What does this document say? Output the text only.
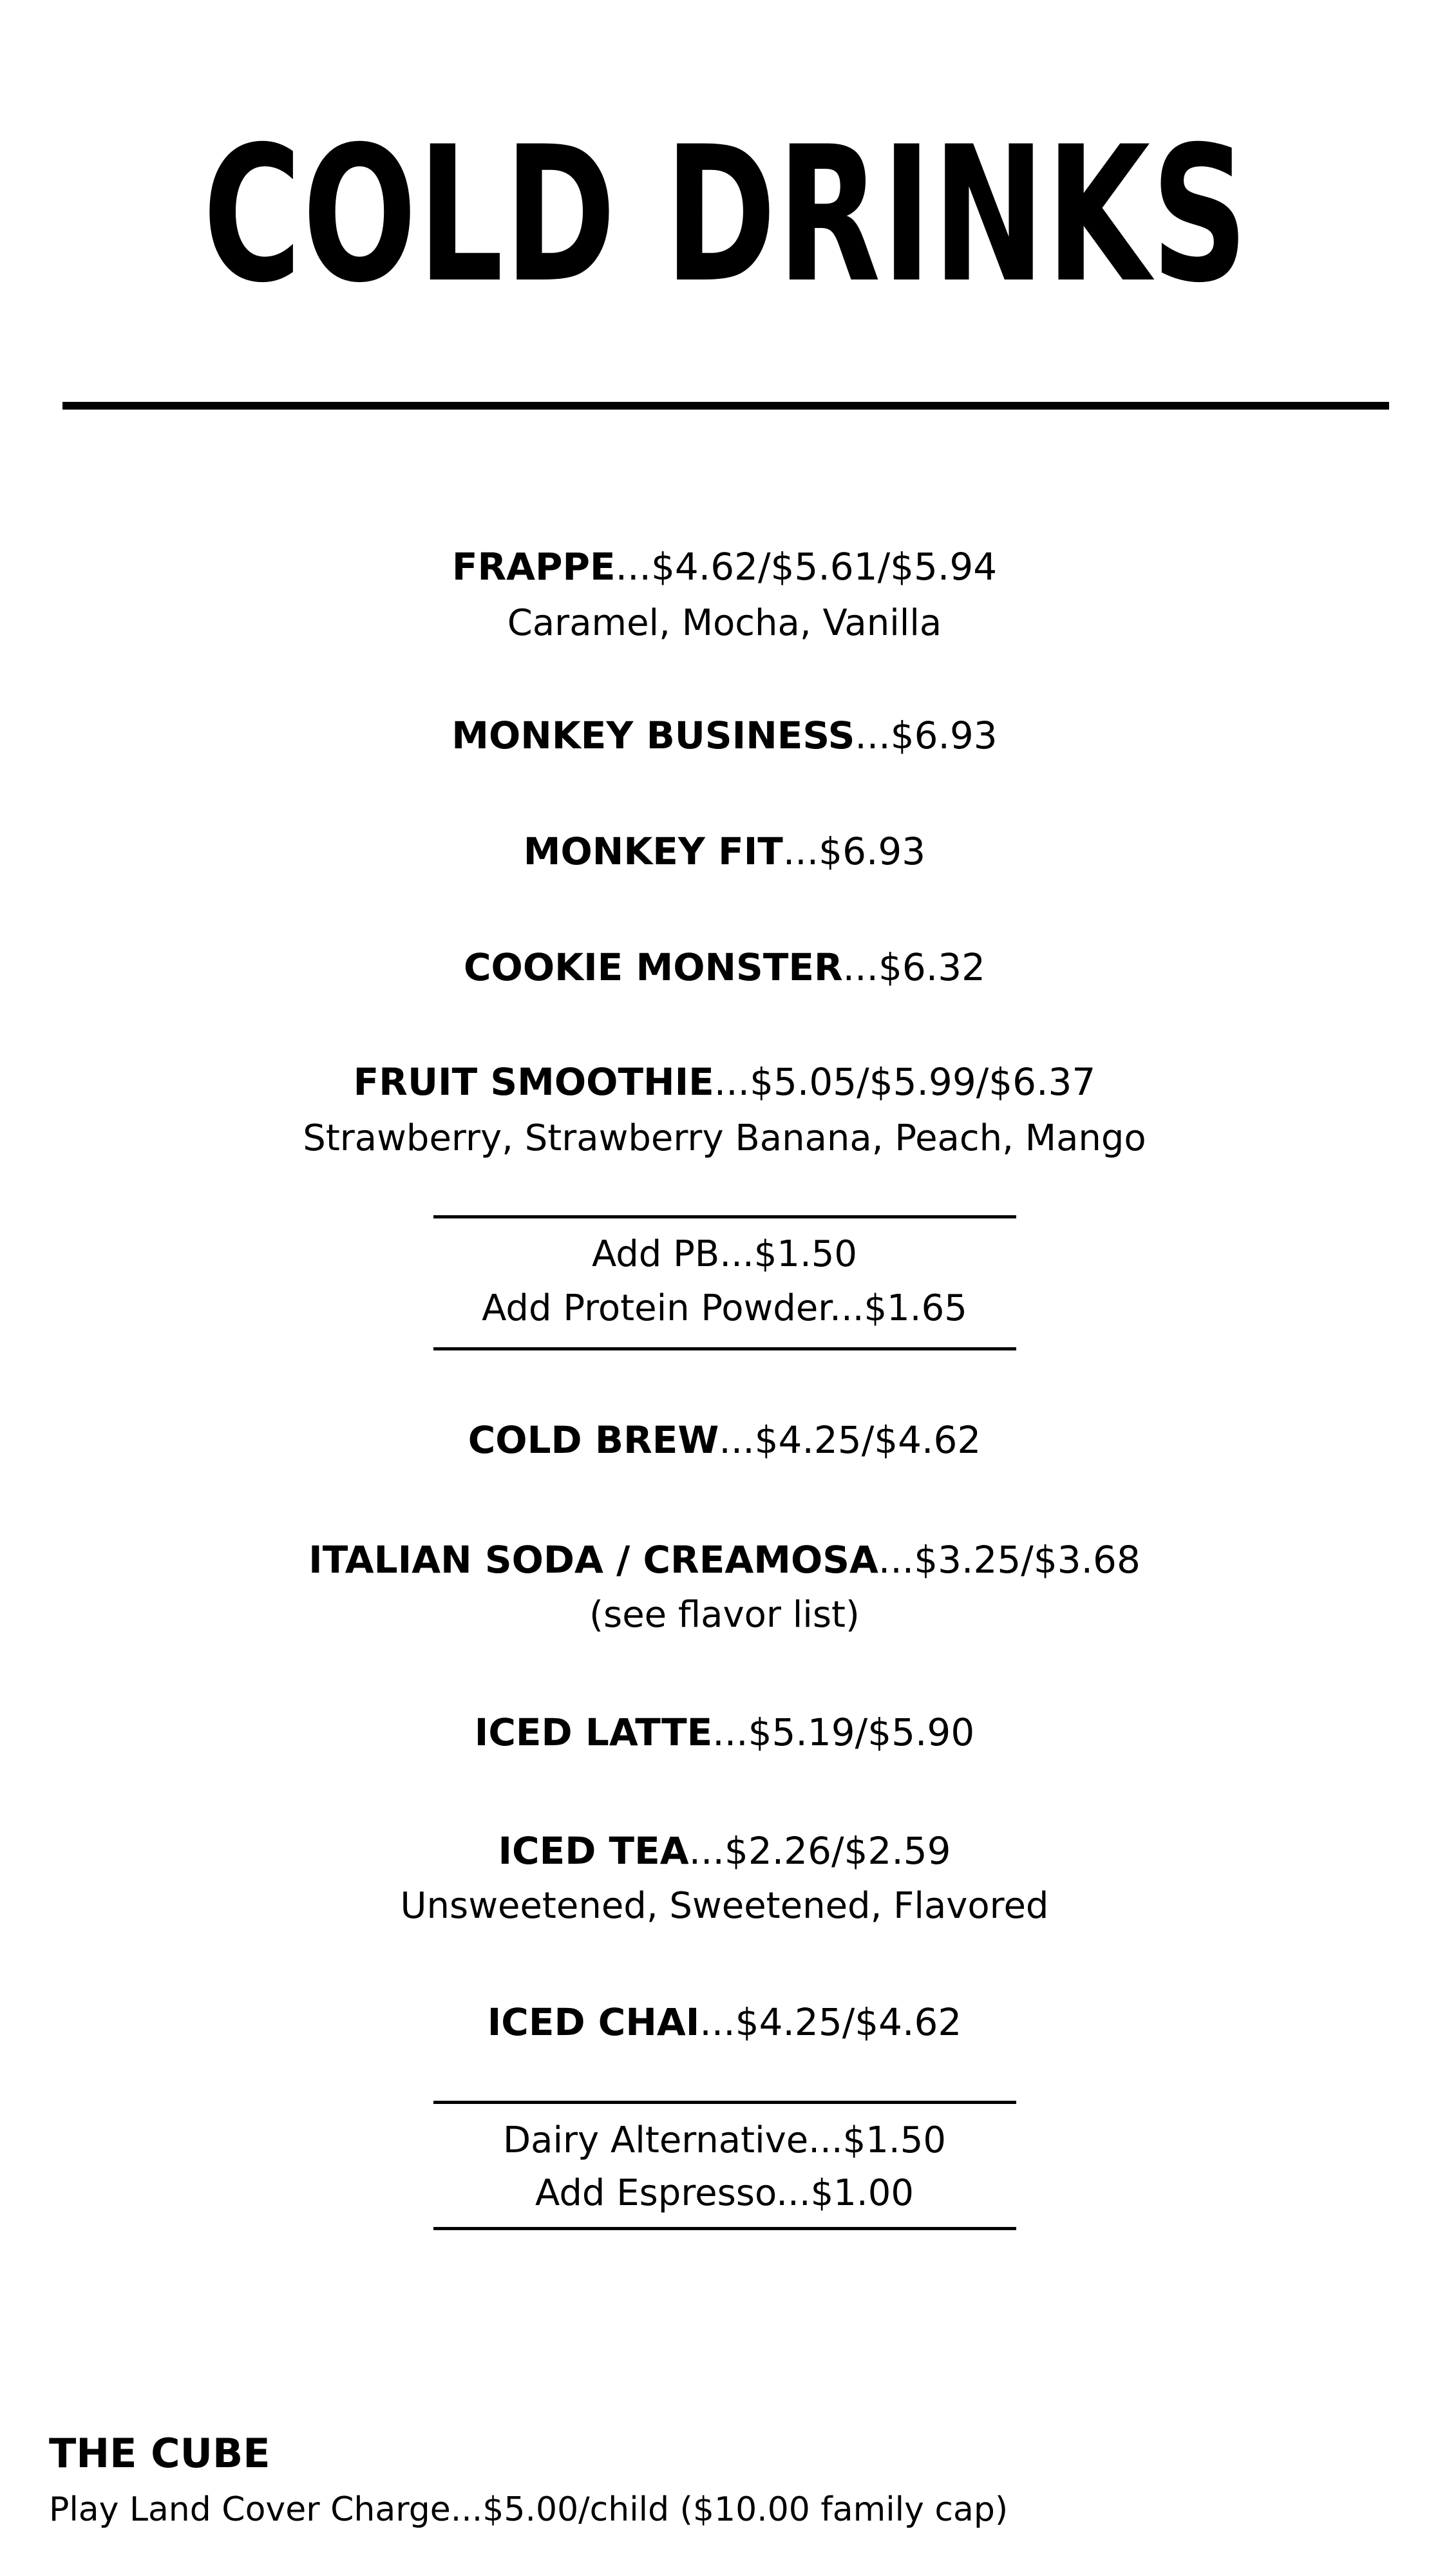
COLD DRINKS
FRAPPE...$4.62/$5.61/$5.94
Caramel, Mocha, Vanilla
MONKEY BUSINESS...$6.93
MONKEY FIT...$6.93
COOKIE MONSTER...$6.32
FRUIT SMOOTHIE...$5.05/$5.99/$6.37
Strawberry, Strawberry Banana, Peach, Mango
Add PB...$1.50
Add Protein Powder...$1.65
COLD BREW...$4.25/$4.62
ITALIAN SODA / CREAMOSA...$3.25/$3.68
(see flavor list)
ICED LATTE...$5.19/$5.90
ICED TEA...$2.26/$2.59
Unsweetened, Sweetened, Flavored
ICED CHAI...$4.25/$4.62
Dairy Alternative...$1.50
Add Espresso...$1.00
THE CUBE
Play Land Cover Charge...$5.00/child ($10.00 family cap)
